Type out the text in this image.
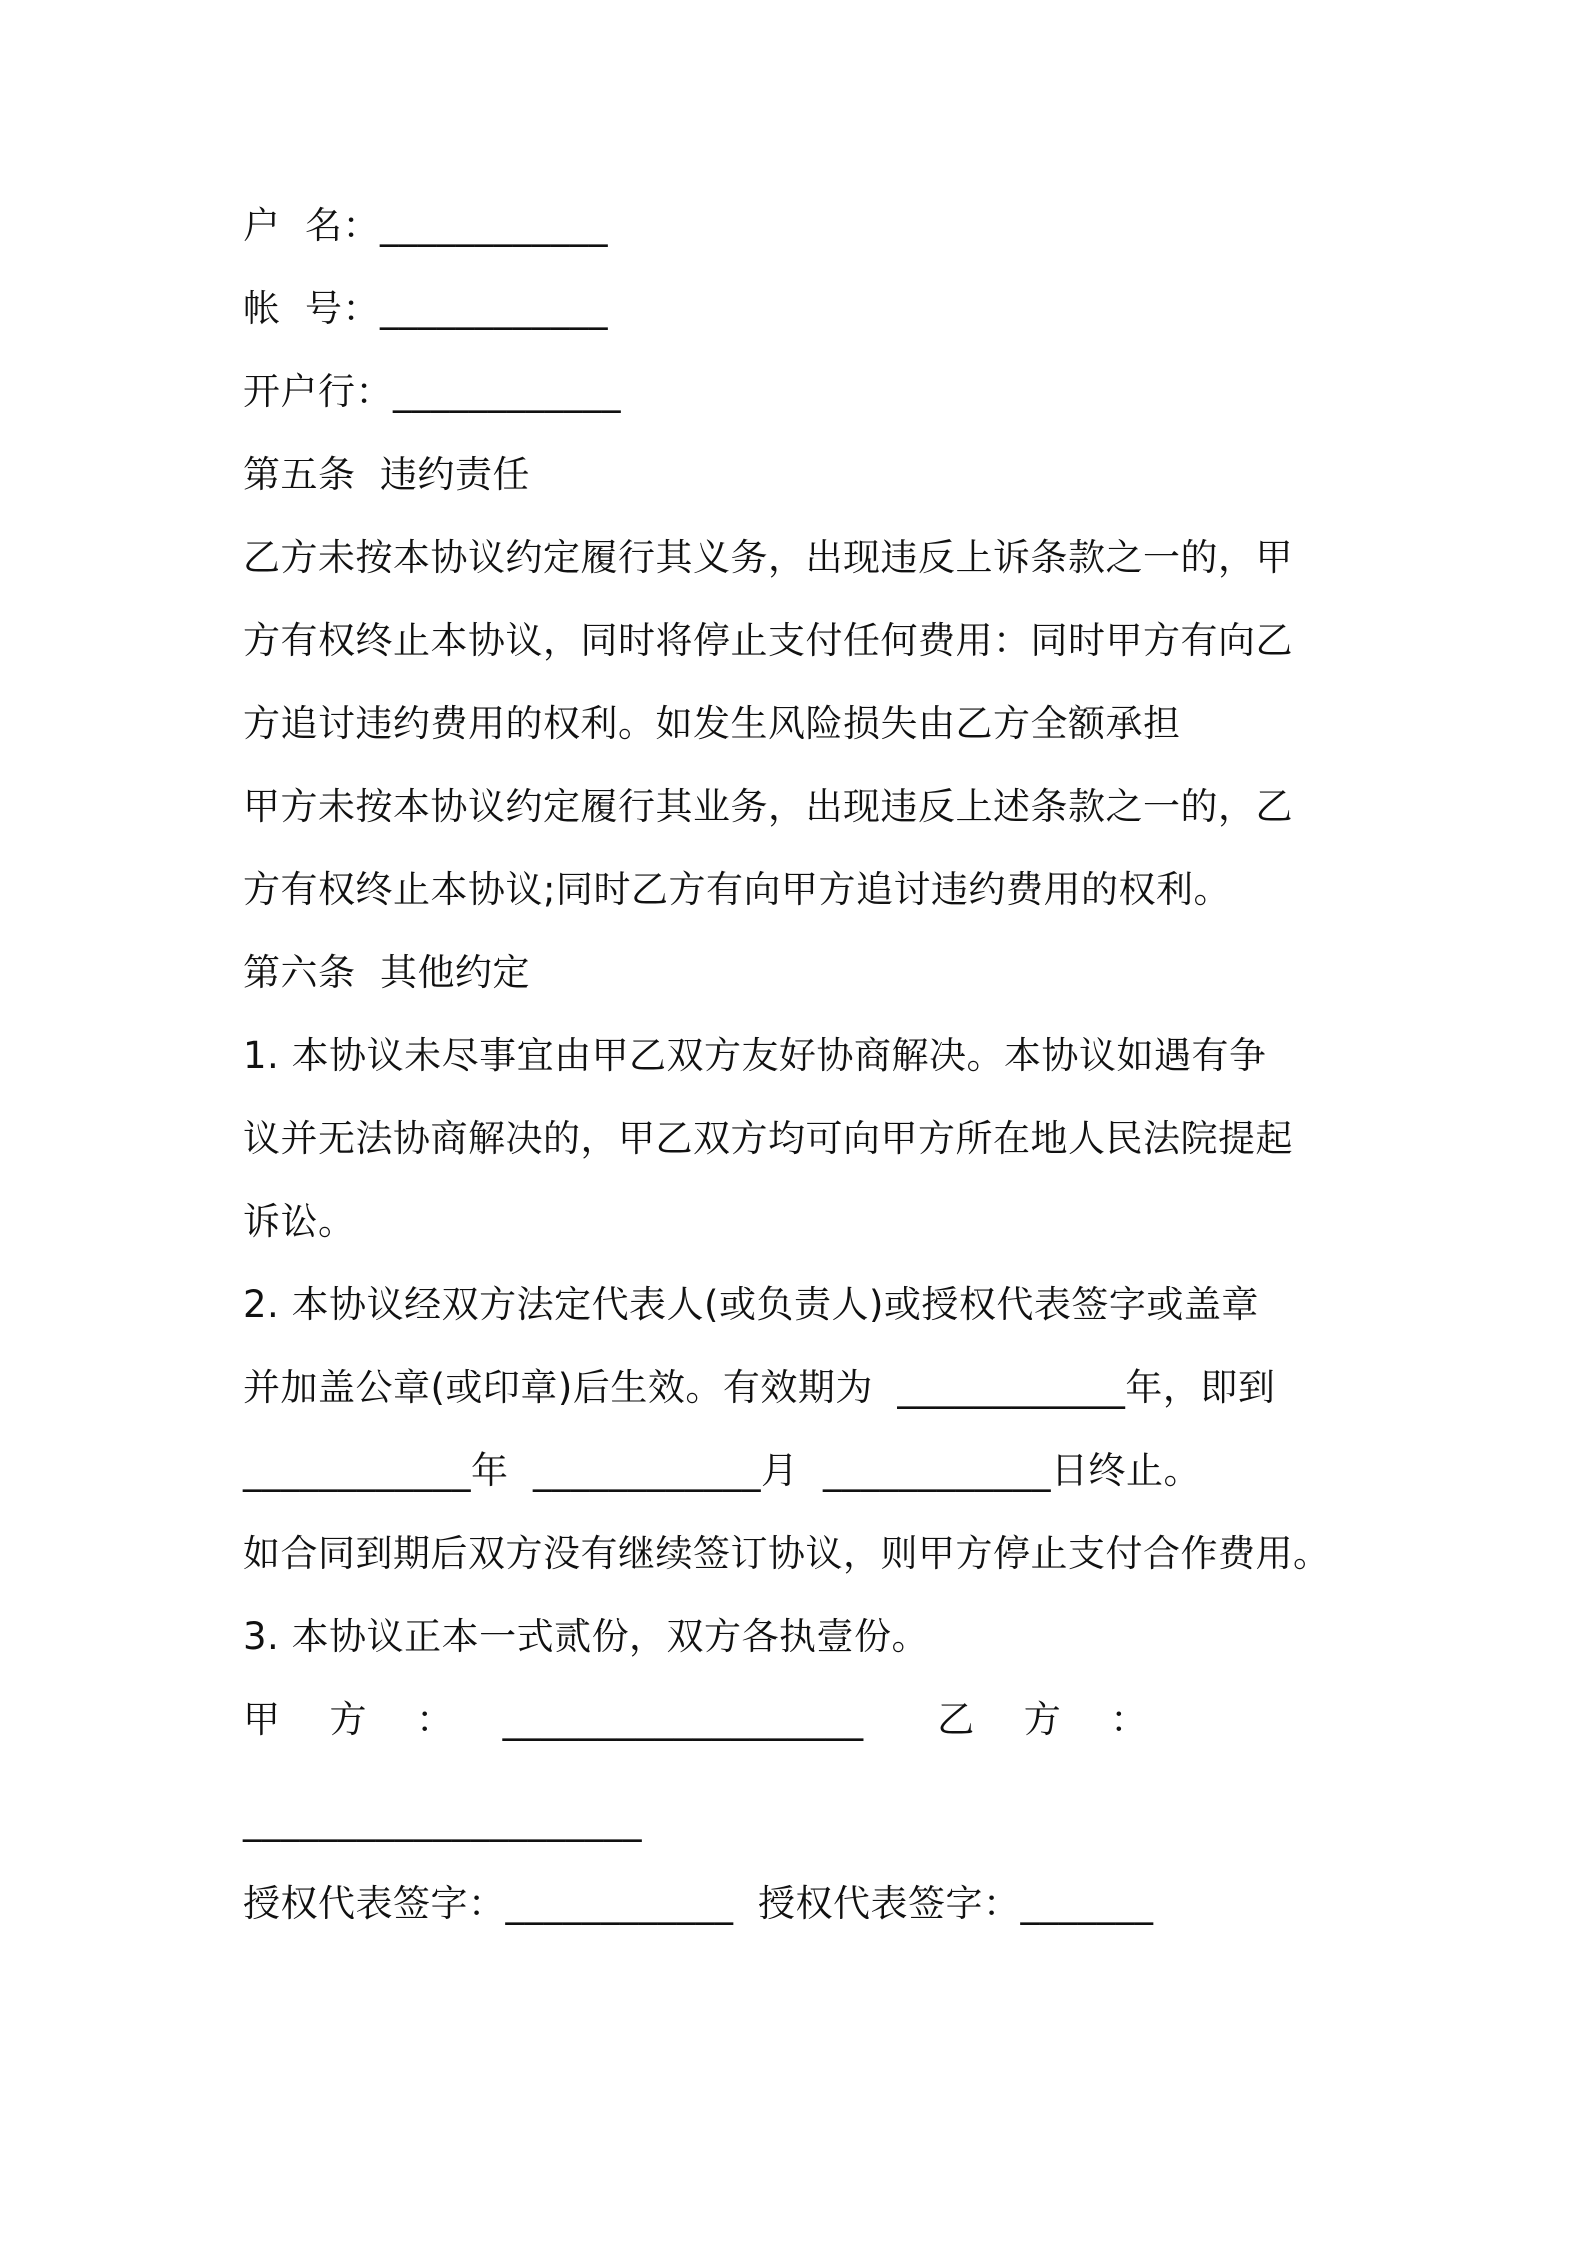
户  名：____________
帐  号：____________
开户行：____________
第五条  违约责任
乙方未按本协议约定履行其义务，出现违反上诉条款之一的，甲
方有权终止本协议，同时将停止支付任何费用：同时甲方有向乙
方追讨违约费用的权利。如发生风险损失由乙方全额承担
甲方未按本协议约定履行其业务，出现违反上述条款之一的，乙
方有权终止本协议;同时乙方有向甲方追讨违约费用的权利。
第六条  其他约定
1. 本协议未尽事宜由甲乙双方友好协商解决。本协议如遇有争
议并无法协商解决的，甲乙双方均可向甲方所在地人民法院提起
诉讼。
2. 本协议经双方法定代表人(或负责人)或授权代表签字或盖章
并加盖公章(或印章)后生效。有效期为  ____________年，即到
____________年  ____________月  ____________日终止。
如合同到期后双方没有继续签订协议，则甲方停止支付合作费用。
3. 本协议正本一式贰份，双方各执壹份。
甲    方    ：    ___________________      乙    方    ：
_____________________
授权代表签字：____________  授权代表签字：_______
